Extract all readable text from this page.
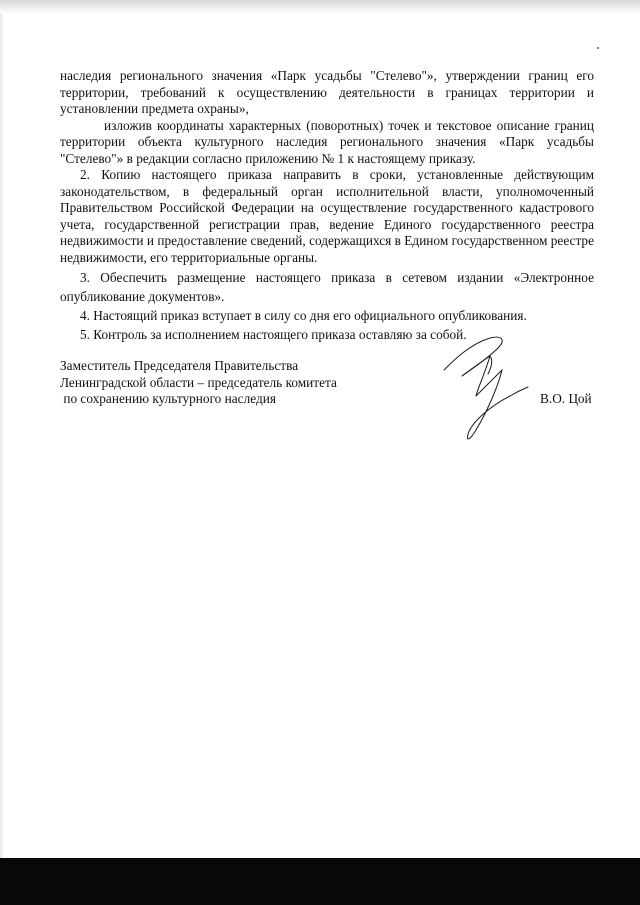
наследия регионального значения «Парк усадьбы "Стелево"», утверждении границ его территории, требований к осуществлению деятельности в границах территории и установлении предмета охраны»,

изложив координаты характерных (поворотных) точек и текстовое описание границ территории объекта культурного наследия регионального значения «Парк усадьбы "Стелево"» в редакции согласно приложению № 1 к настоящему приказу.

2. Копию настоящего приказа направить в сроки, установленные действующим законодательством, в федеральный орган исполнительной власти, уполномоченный Правительством Российской Федерации на осуществление государственного кадастрового учета, государственной регистрации прав, ведение Единого государственного реестра недвижимости и предоставление сведений, содержащихся в Едином государственном реестре недвижимости, его территориальные органы.

3. Обеспечить размещение настоящего приказа в сетевом издании «Электронное опубликование документов».

4. Настоящий приказ вступает в силу со дня его официального опубликования.

5. Контроль за исполнением настоящего приказа оставляю за собой.

Заместитель Председателя Правительства
Ленинградской области – председатель комитета
по сохранению культурного наследия	В.О. Цой
